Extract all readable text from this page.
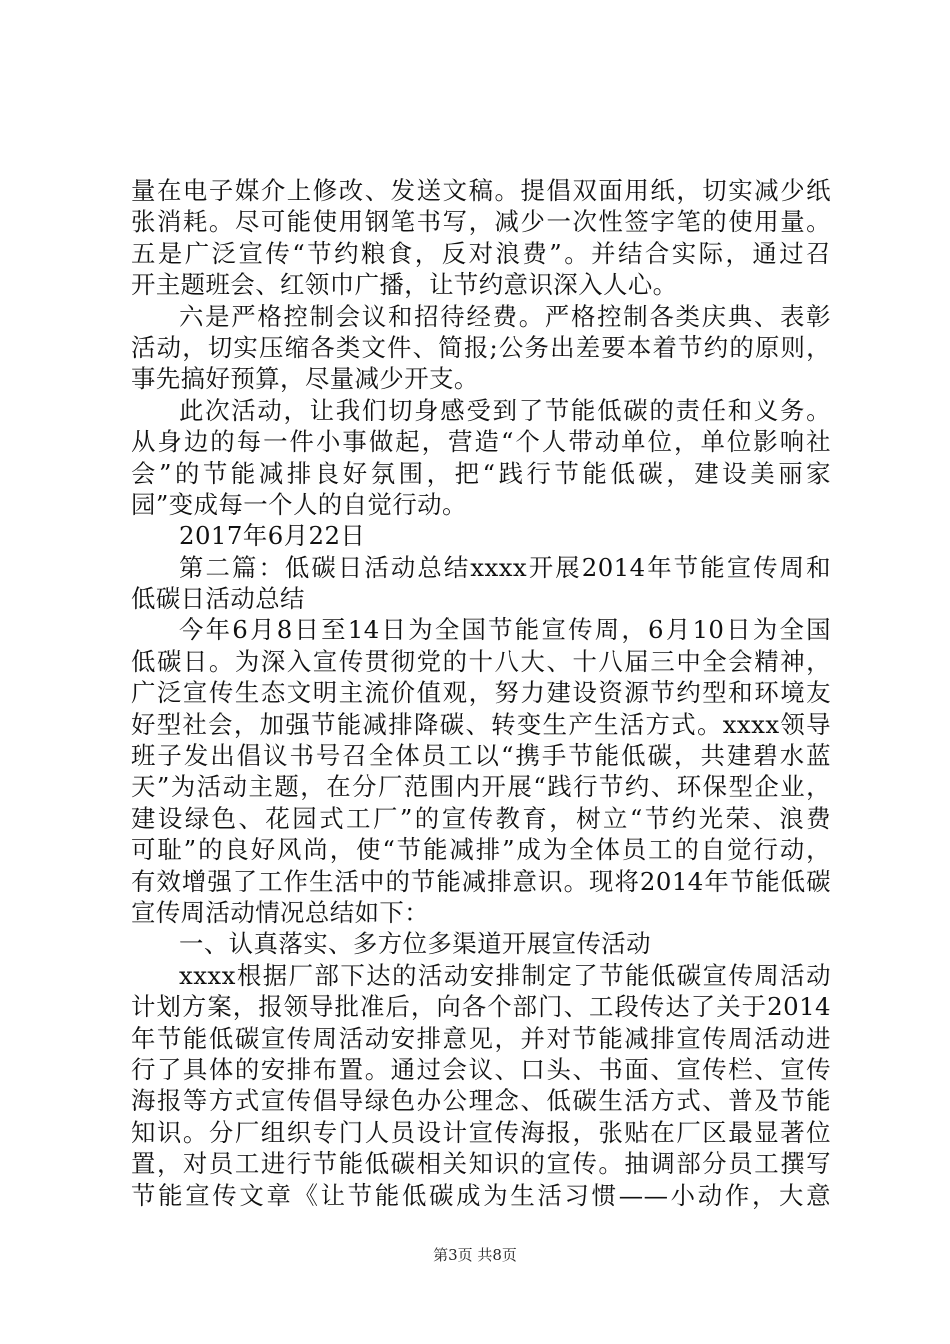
量在电子媒介上修改、发送文稿。提倡双面用纸，切实减少纸
张消耗。尽可能使用钢笔书写，减少一次性签字笔的使用量。
五是广泛宣传“节约粮食，反对浪费”。并结合实际，通过召
开主题班会、红领巾广播，让节约意识深入人心。
六是严格控制会议和招待经费。严格控制各类庆典、表彰
活动，切实压缩各类文件、简报;公务出差要本着节约的原则，
事先搞好预算，尽量减少开支。
此次活动，让我们切身感受到了节能低碳的责任和义务。
从身边的每一件小事做起，营造“个人带动单位，单位影响社
会”的节能减排良好氛围，把“践行节能低碳，建设美丽家
园”变成每一个人的自觉行动。
2017年6月22日
第二篇：低碳日活动总结xxxx开展2014年节能宣传周和
低碳日活动总结
今年6月8日至14日为全国节能宣传周，6月10日为全国
低碳日。为深入宣传贯彻党的十八大、十八届三中全会精神，
广泛宣传生态文明主流价值观，努力建设资源节约型和环境友
好型社会，加强节能减排降碳、转变生产生活方式。xxxx领导
班子发出倡议书号召全体员工以“携手节能低碳，共建碧水蓝
天”为活动主题，在分厂范围内开展“践行节约、环保型企业，
建设绿色、花园式工厂”的宣传教育，树立“节约光荣、浪费
可耻”的良好风尚，使“节能减排”成为全体员工的自觉行动，
有效增强了工作生活中的节能减排意识。现将2014年节能低碳
宣传周活动情况总结如下：
一、认真落实、多方位多渠道开展宣传活动
xxxx根据厂部下达的活动安排制定了节能低碳宣传周活动
计划方案，报领导批准后，向各个部门、工段传达了关于2014
年节能低碳宣传周活动安排意见，并对节能减排宣传周活动进
行了具体的安排布置。通过会议、口头、书面、宣传栏、宣传
海报等方式宣传倡导绿色办公理念、低碳生活方式、普及节能
知识。分厂组织专门人员设计宣传海报，张贴在厂区最显著位
置，对员工进行节能低碳相关知识的宣传。抽调部分员工撰写
节能宣传文章《让节能低碳成为生活习惯——小动作，大意
第3页 共8页
